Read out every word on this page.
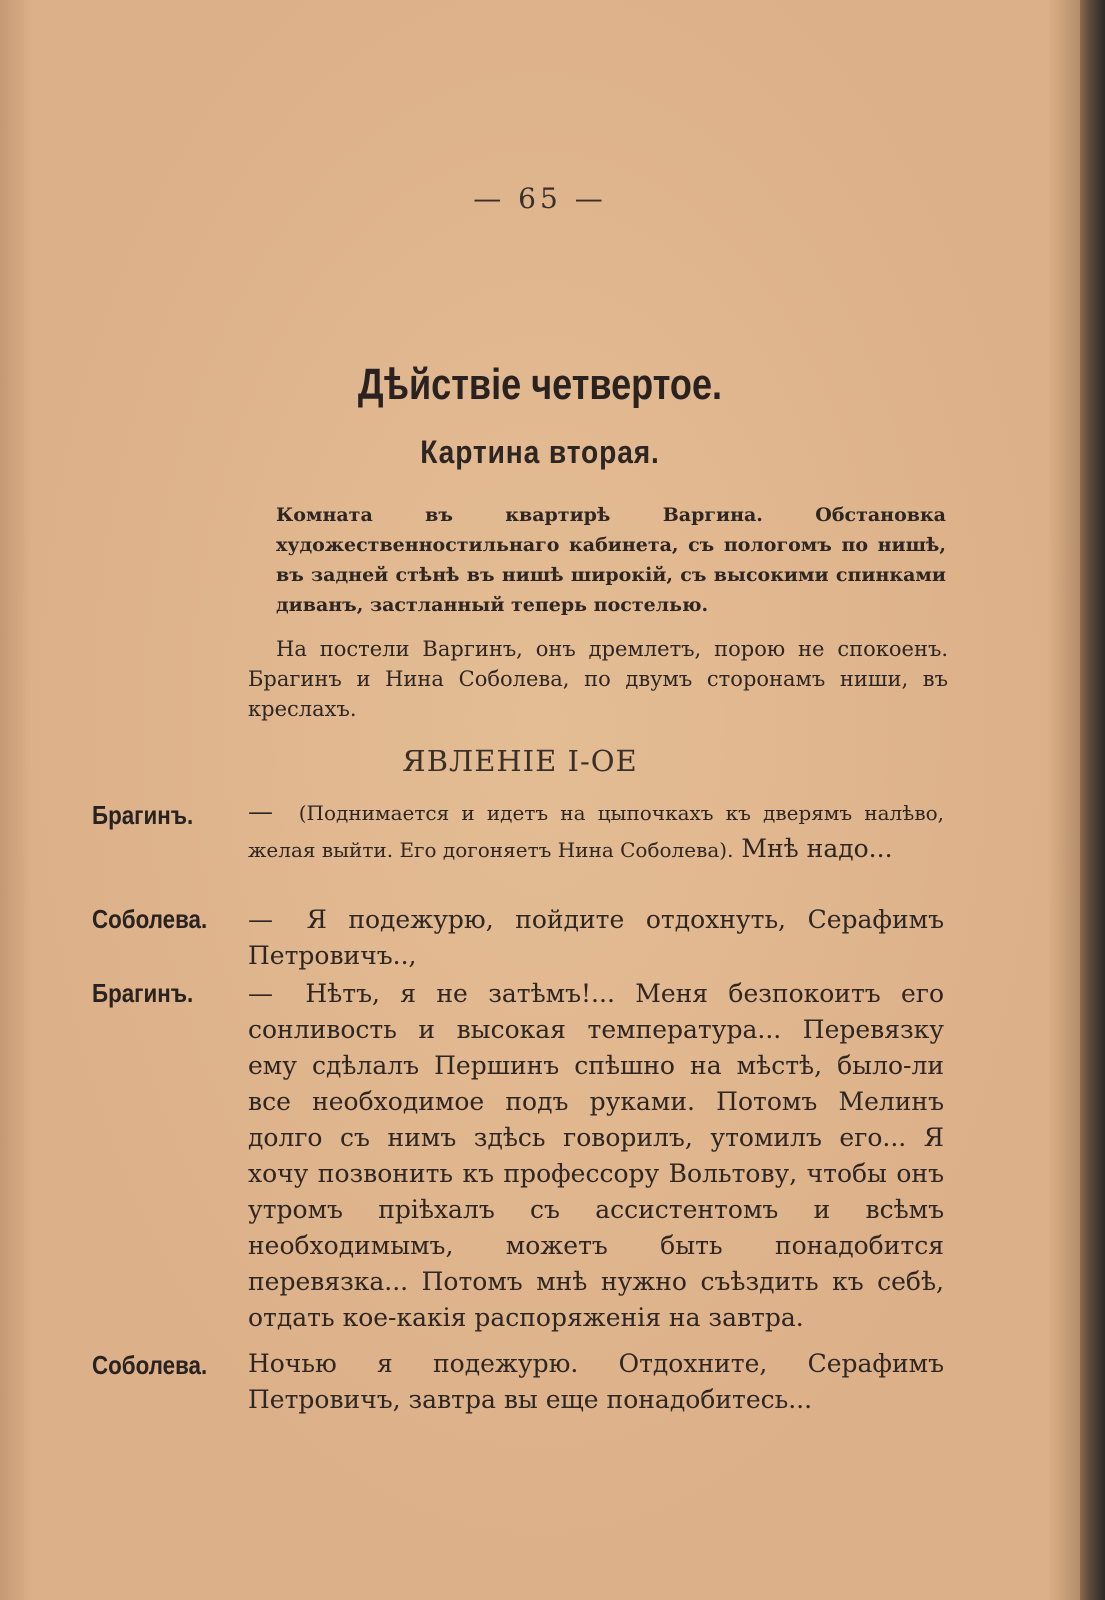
— 65 —
Дѣйствіе четвертое.
Картина вторая.
Комната въ квартирѣ Варгина. Обстановка художественностильнаго кабинета, съ пологомъ по нишѣ, въ задней стѣнѣ въ нишѣ широкій, съ высокими спинками диванъ, застланный теперь постелью.
На постели Варгинъ, онъ дремлетъ, порою не спокоенъ. Брагинъ и Нина Соболева, по двумъ сторонамъ ниши, въ креслахъ.
ЯВЛЕНІЕ I-ОЕ
Брагинъ. — (Поднимается и идетъ на цыпочкахъ къ дверямъ налѣво, желая выйти. Его догоняетъ Нина Соболева). Мнѣ надо...
Соболева. — Я подежурю, пойдите отдохнуть, Серафимъ Петровичъ..,
Брагинъ. — Нѣтъ, я не затѣмъ!... Меня безпокоитъ его сонливость и высокая температура... Перевязку ему сдѣлалъ Першинъ спѣшно на мѣстѣ, было-ли все необходимое подъ руками. Потомъ Мелинъ долго съ нимъ здѣсь говорилъ, утомилъ его... Я хочу позвонить къ профессору Вольтову, чтобы онъ утромъ пріѣхалъ съ ассистентомъ и всѣмъ необходимымъ, можетъ быть понадобится перевязка... Потомъ мнѣ нужно съѣздить къ себѣ, отдать кое-какія распоряженія на завтра.
Соболева. Ночью я подежурю. Отдохните, Серафимъ Петровичъ, завтра вы еще понадобитесь...
